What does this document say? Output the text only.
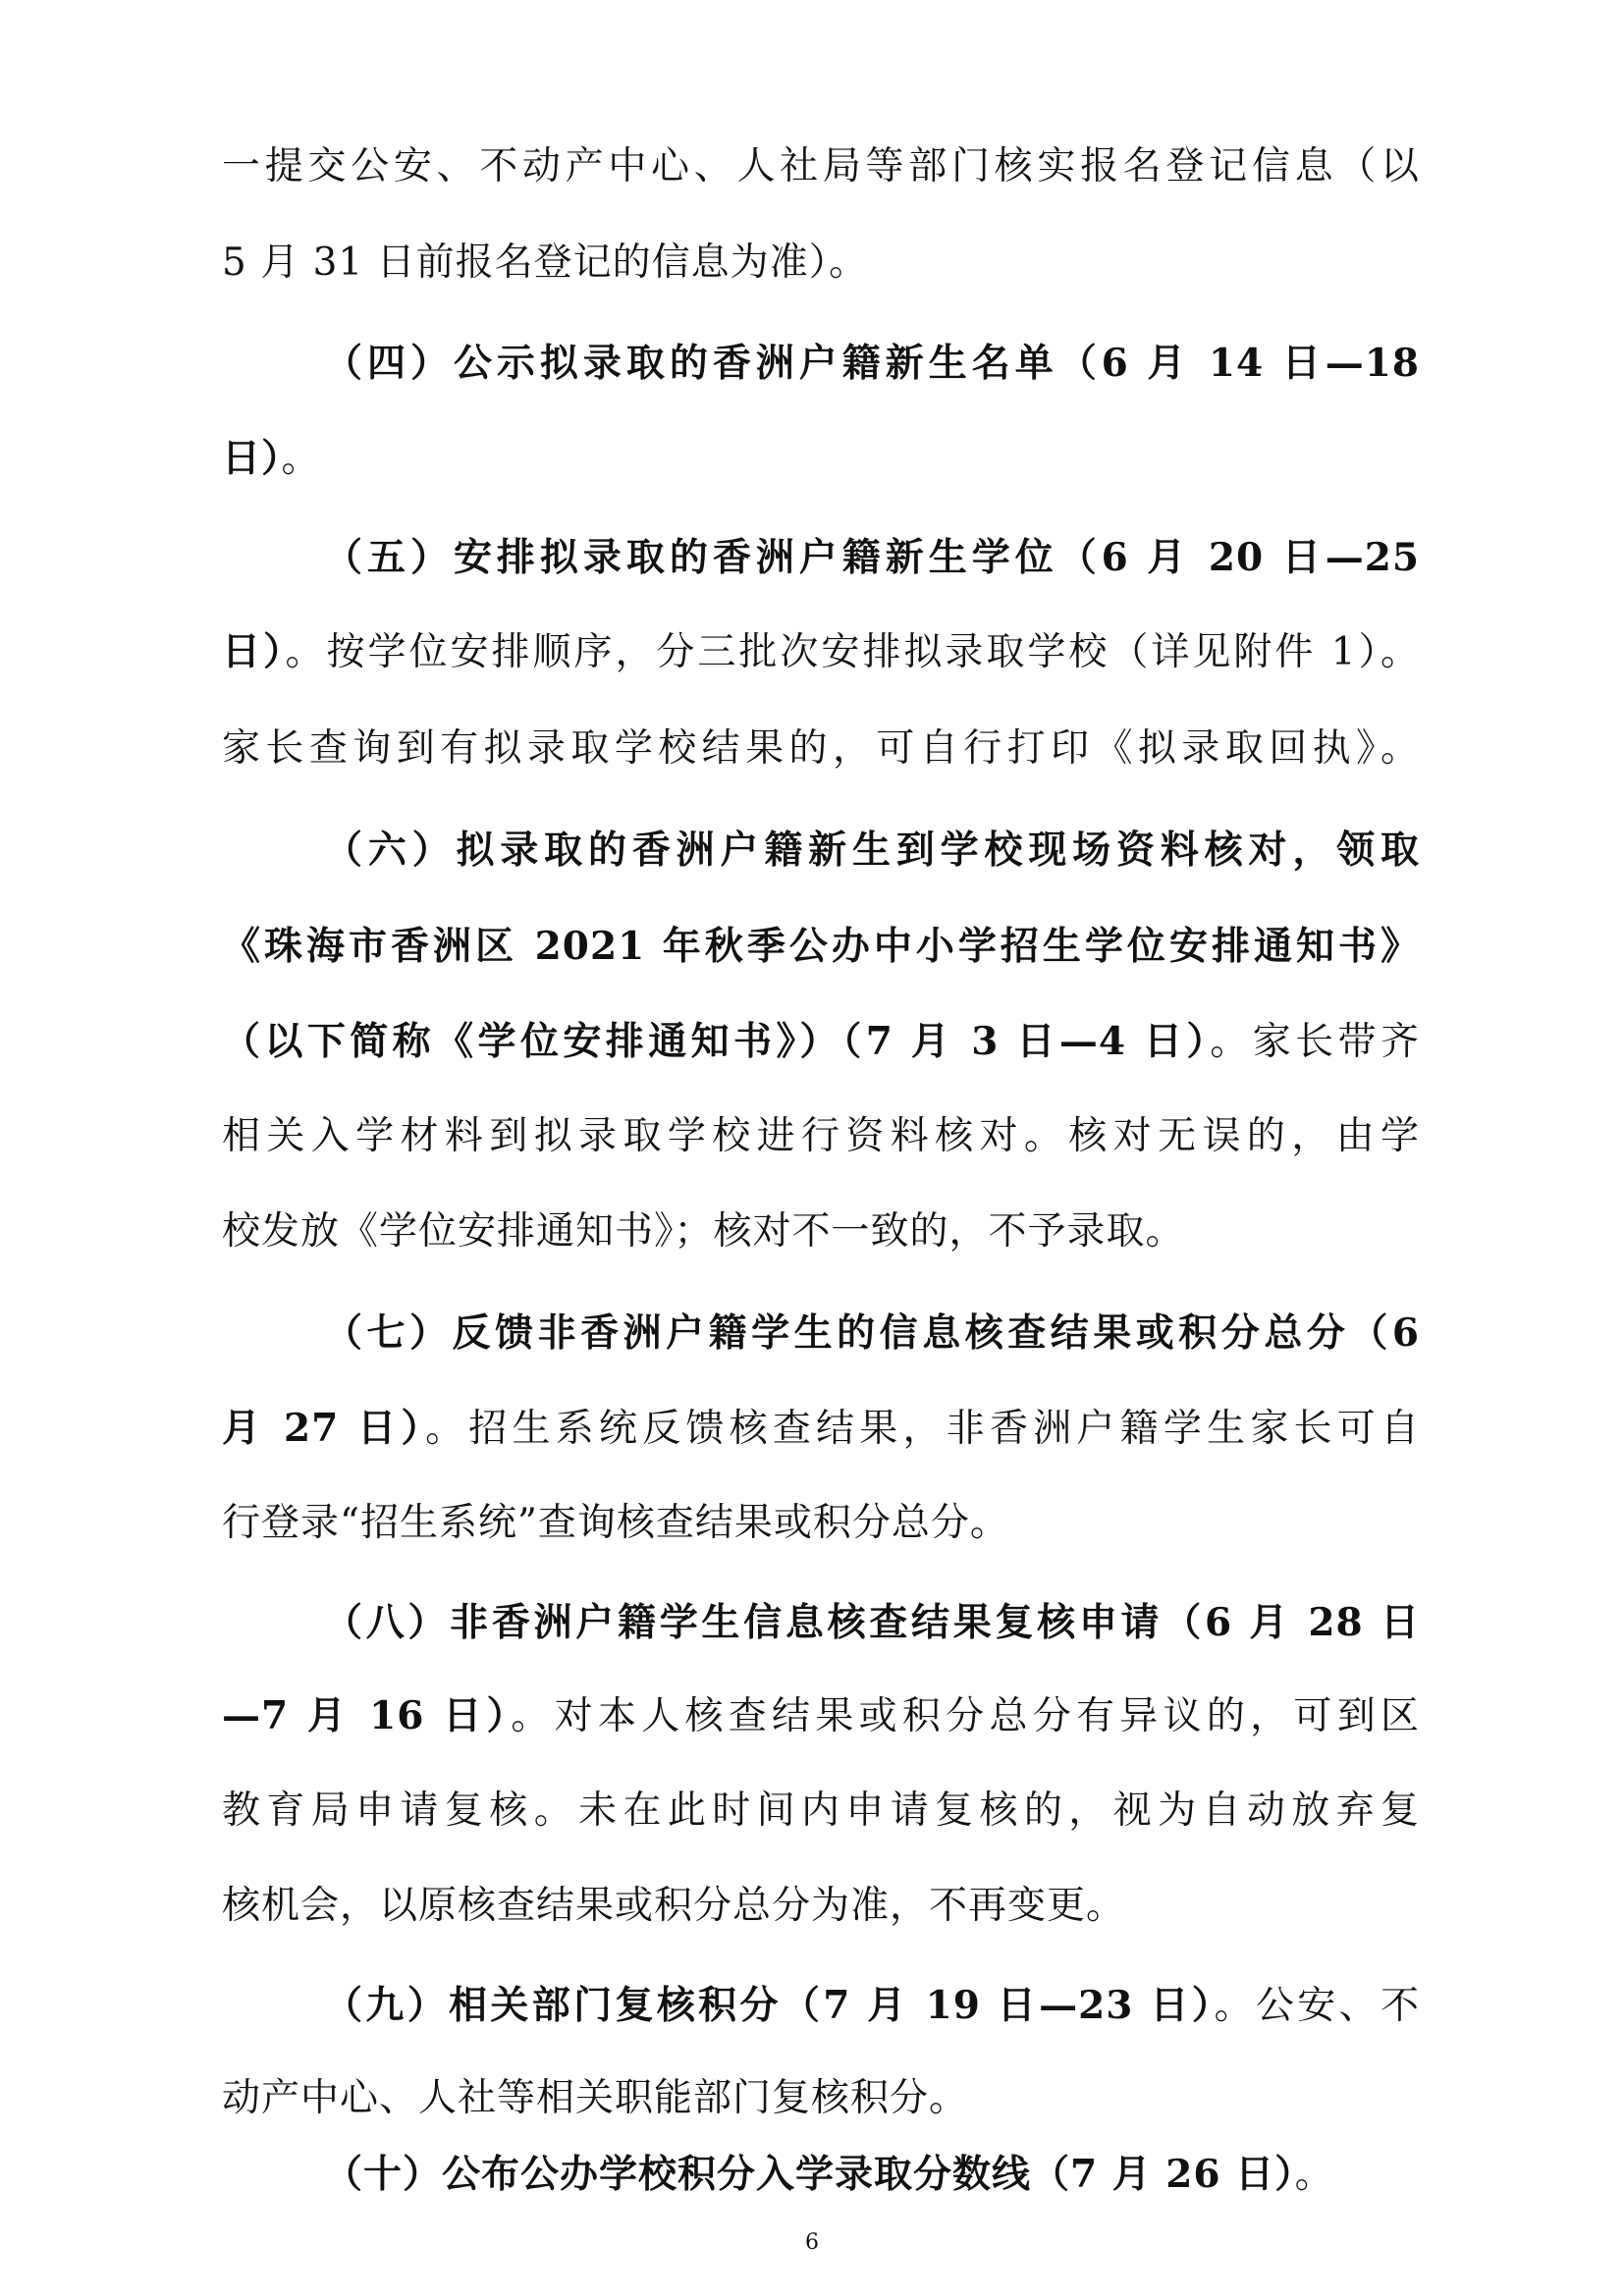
一提交公安、不动产中心、人社局等部门核实报名登记信息（以
5 月 31 日前报名登记的信息为准）。
（四）公示拟录取的香洲户籍新生名单（6 月 14 日—18
日）。
（五）安排拟录取的香洲户籍新生学位（6 月 20 日—25
日）。按学位安排顺序，分三批次安排拟录取学校（详见附件 1）。
家长查询到有拟录取学校结果的，可自行打印《拟录取回执》。
（六）拟录取的香洲户籍新生到学校现场资料核对，领取
《珠海市香洲区 2021 年秋季公办中小学招生学位安排通知书》
（以下简称《学位安排通知书》）（7 月 3 日—4 日）。家长带齐
相关入学材料到拟录取学校进行资料核对。核对无误的，由学
校发放《学位安排通知书》；核对不一致的，不予录取。
（七）反馈非香洲户籍学生的信息核查结果或积分总分（6
月 27 日）。招生系统反馈核查结果，非香洲户籍学生家长可自
行登录“招生系统”查询核查结果或积分总分。
（八）非香洲户籍学生信息核查结果复核申请（6 月 28 日
—7 月 16 日）。对本人核查结果或积分总分有异议的，可到区
教育局申请复核。未在此时间内申请复核的，视为自动放弃复
核机会，以原核查结果或积分总分为准，不再变更。
（九）相关部门复核积分（7 月 19 日—23 日）。公安、不
动产中心、人社等相关职能部门复核积分。
（十）公布公办学校积分入学录取分数线（7 月 26 日）。
6
